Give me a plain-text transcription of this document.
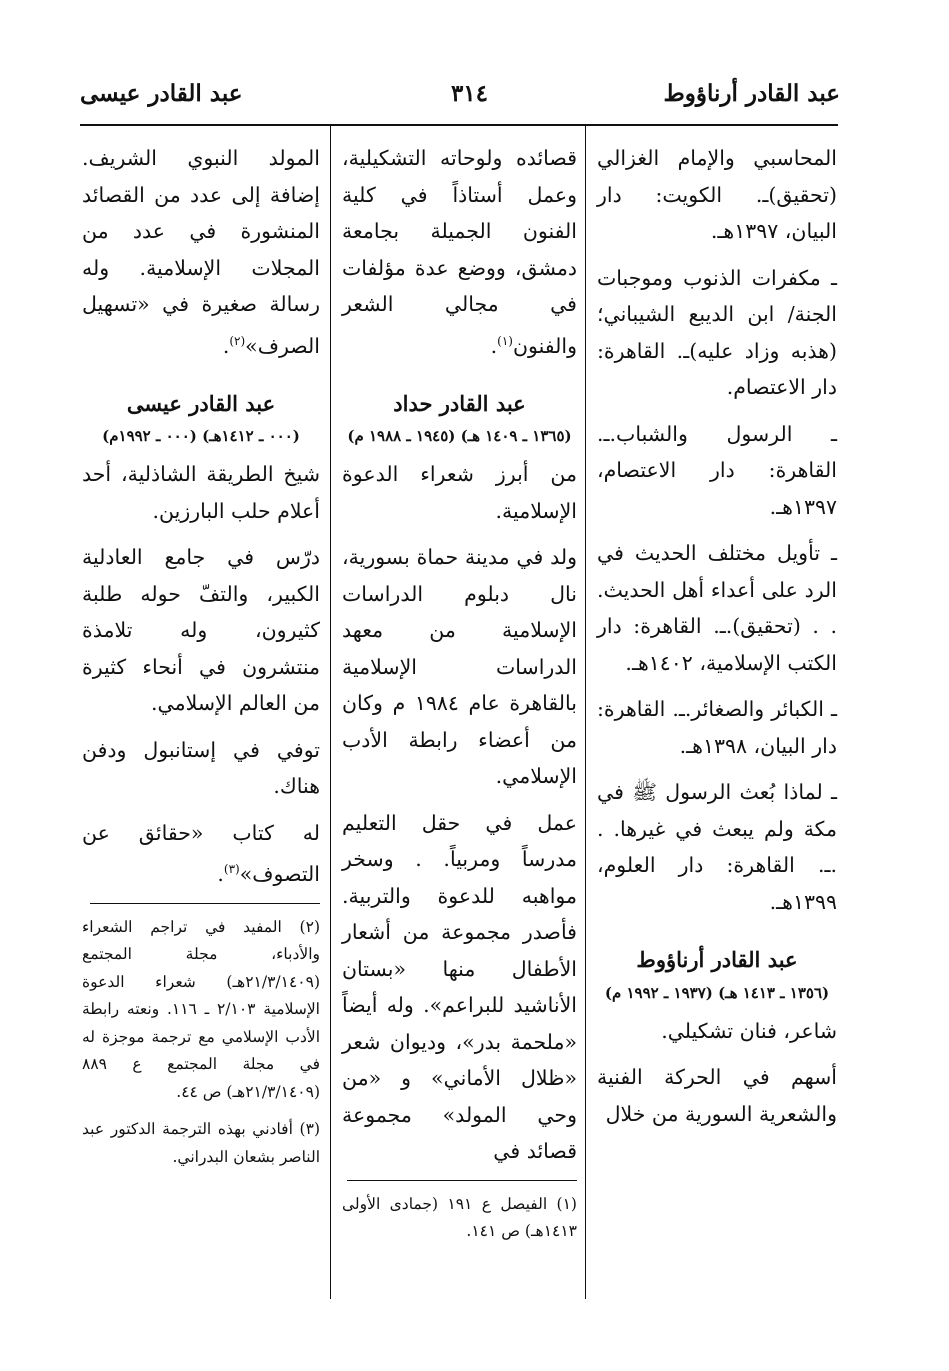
عبد القادر أرناؤوط
٣١٤
عبد القادر عيسى

المحاسبي والإمام الغزالي (تحقيق)ـ. الكويت: دار البيان، ١٣٩٧هـ.

ـ مكفرات الذنوب وموجبات الجنة/ ابن الديبع الشيباني؛ (هذبه وزاد عليه)ـ. القاهرة: دار الاعتصام.

ـ الرسول والشباب.ـ. القاهرة: دار الاعتصام، ١٣٩٧هـ.

ـ تأويل مختلف الحديث في الرد على أعداء أهل الحديث. . . (تحقيق).ـ. القاهرة: دار الكتب الإسلامية، ١٤٠٢هـ.

ـ الكبائر والصغائر.ـ. القاهرة: دار البيان، ١٣٩٨هـ.

ـ لماذا بُعث الرسول ﷺ في مكة ولم يبعث في غيرها. . .ـ. القاهرة: دار العلوم، ١٣٩٩هـ.

عبد القادر أرناؤوط
(١٣٥٦ ـ ١٤١٣ هـ) (١٩٣٧ ـ ١٩٩٢ م)

شاعر، فنان تشكيلي.

أسهم في الحركة الفنية والشعرية السورية من خلال

قصائده ولوحاته التشكيلية، وعمل أستاذاً في كلية الفنون الجميلة بجامعة دمشق، ووضع عدة مؤلفات في مجالي الشعر والفنون$^{(١)}$.

عبد القادر حداد
(١٣٦٥ ـ ١٤٠٩ هـ) (١٩٤٥ ـ ١٩٨٨ م)

من أبرز شعراء الدعوة الإسلامية.

ولد في مدينة حماة بسورية، نال دبلوم الدراسات الإسلامية من معهد الدراسات الإسلامية بالقاهرة عام ١٩٨٤ م وكان من أعضاء رابطة الأدب الإسلامي.

عمل في حقل التعليم مدرساً ومربياً. . وسخر مواهبه للدعوة والتربية. فأصدر مجموعة من أشعار الأطفال منها «بستان الأناشيد للبراعم». وله أيضاً «ملحمة بدر»، وديوان شعر «ظلال الأماني» و «من وحي المولد» مجموعة قصائد في

(١) الفيصل ع ١٩١ (جمادى الأولى ١٤١٣هـ) ص ١٤١.

المولد النبوي الشريف. إضافة إلى عدد من القصائد المنشورة في عدد من المجلات الإسلامية. وله رسالة صغيرة في «تسهيل الصرف»$^{(٢)}$.

عبد القادر عيسى
(٠٠٠ ـ ١٤١٢هـ) (٠٠٠ ـ ١٩٩٢م)

شيخ الطريقة الشاذلية، أحد أعلام حلب البارزين.

درّس في جامع العادلية الكبير، والتفّ حوله طلبة كثيرون، وله تلامذة منتشرون في أنحاء كثيرة من العالم الإسلامي.

توفي في إستانبول ودفن هناك.

له كتاب «حقائق عن التصوف»$^{(٣)}$.

(٢) المفيد في تراجم الشعراء والأدباء، مجلة المجتمع (٢١/٣/١٤٠٩هـ) شعراء الدعوة الإسلامية ٢/١٠٣ ـ ١١٦. ونعته رابطة الأدب الإسلامي مع ترجمة موجزة له في مجلة المجتمع ع ٨٨٩ (٢١/٣/١٤٠٩هـ) ص ٤٤.

(٣) أفادني بهذه الترجمة الدكتور عبد الناصر بشعان البدراني.
